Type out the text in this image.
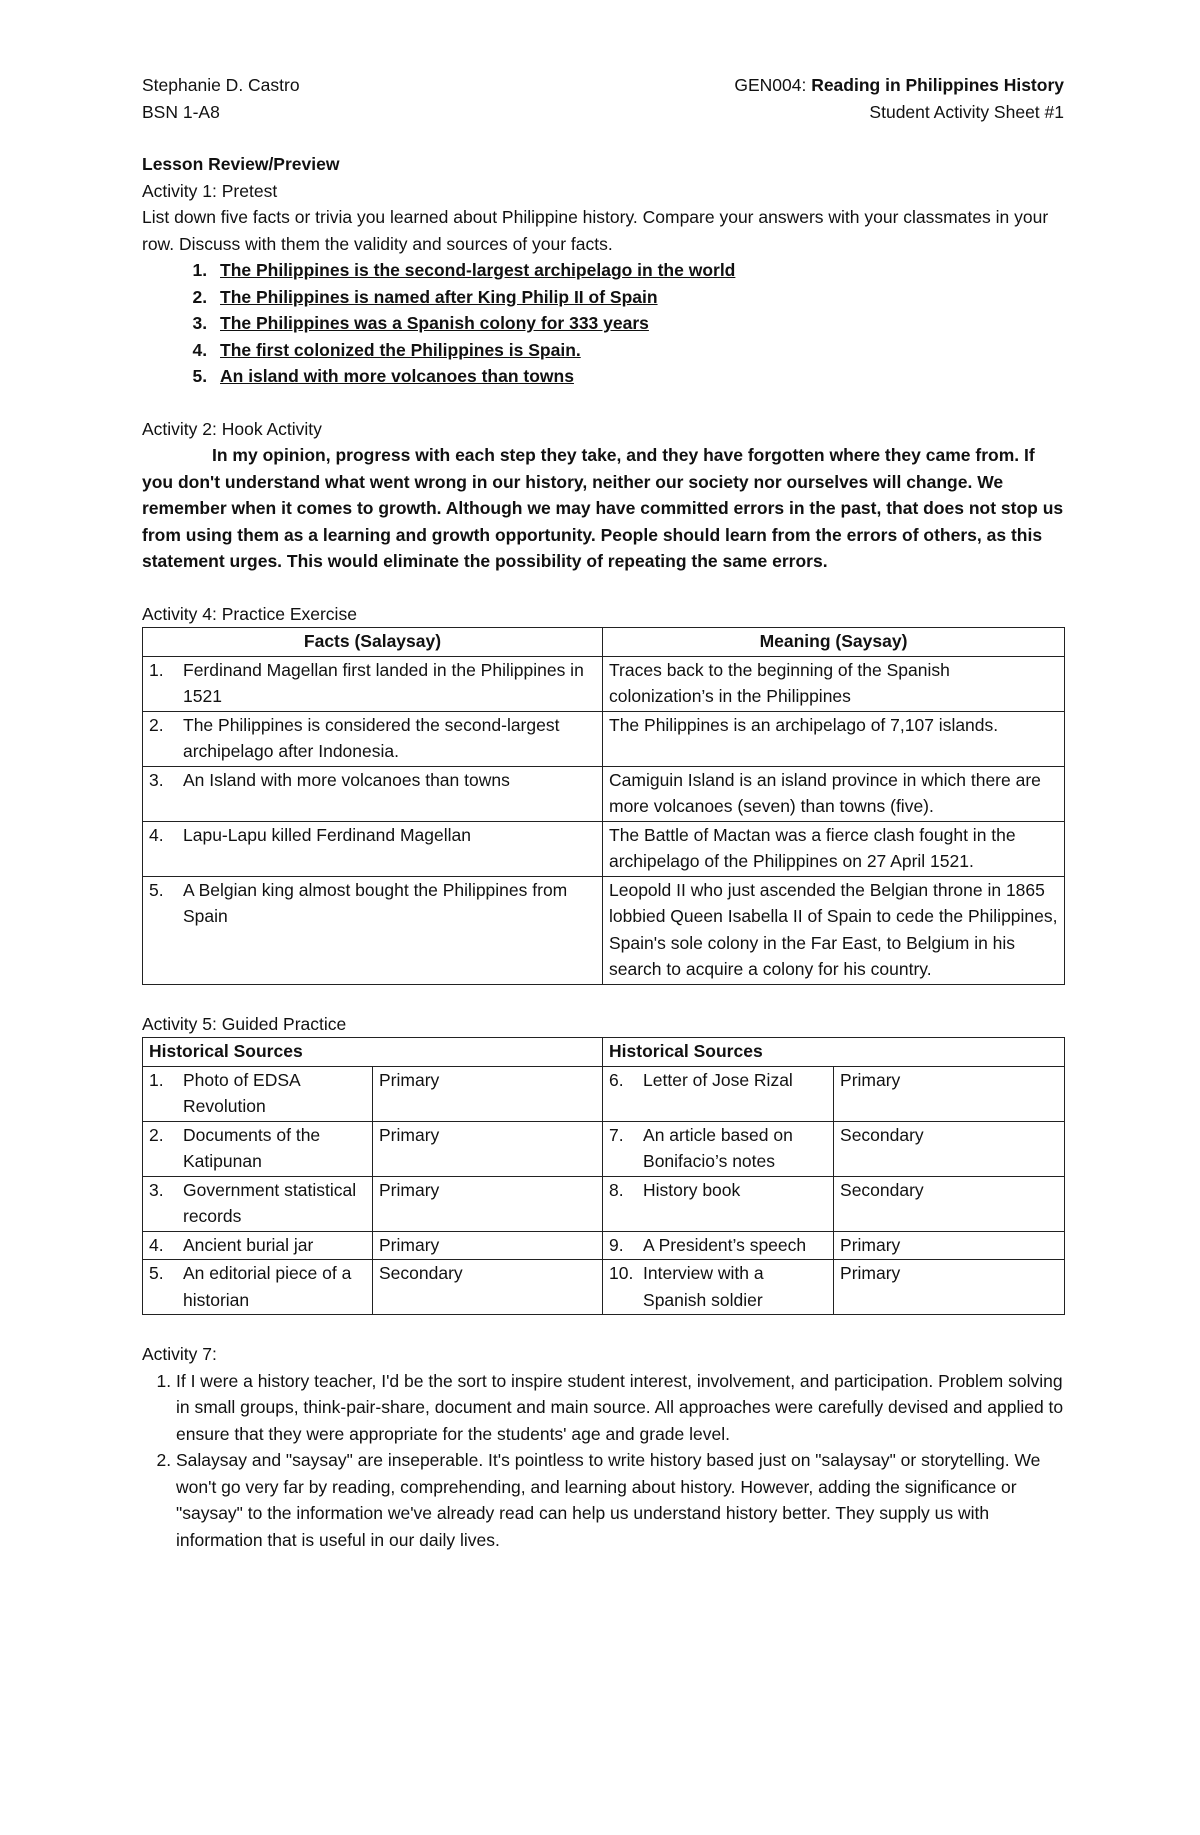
Stephanie D. Castro
BSN 1-A8
GEN004: Reading in Philippines History
Student Activity Sheet #1
Lesson Review/Preview
Activity 1: Pretest
List down five facts or trivia you learned about Philippine history. Compare your answers with your classmates in your row. Discuss with them the validity and sources of your facts.
1. The Philippines is the second-largest archipelago in the world
2. The Philippines is named after King Philip II of Spain
3. The Philippines was a Spanish colony for 333 years
4. The first colonized the Philippines is Spain.
5. An island with more volcanoes than towns
Activity 2: Hook Activity

In my opinion, progress with each step they take, and they have forgotten where they came from. If you don't understand what went wrong in our history, neither our society nor ourselves will change. We remember when it comes to growth. Although we may have committed errors in the past, that does not stop us from using them as a learning and growth opportunity. People should learn from the errors of others, as this statement urges. This would eliminate the possibility of repeating the same errors.

Activity 4: Practice Exercise
Facts (Salaysay)	Meaning (Saysay)

1. Ferdinand Magellan first landed in the Philippines in 1521	Traces back to the beginning of the Spanish colonization’s in the Philippines

2. The Philippines is considered the second-largest archipelago after Indonesia.	The Philippines is an archipelago of 7,107 islands.

3. An Island with more volcanoes than towns	Camiguin Island is an island province in which there are more volcanoes (seven) than towns (five).

4. Lapu-Lapu killed Ferdinand Magellan	The Battle of Mactan was a fierce clash fought in the archipelago of the Philippines on 27 April 1521.

5. A Belgian king almost bought the Philippines from Spain	Leopold II who just ascended the Belgian throne in 1865 lobbied Queen Isabella II of Spain to cede the Philippines, Spain's sole colony in the Far East, to Belgium in his search to acquire a colony for his country.
Activity 5: Guided Practice
Historical Sources		Historical Sources	

1. Photo of EDSA Revolution	Primary	6. Letter of Jose Rizal	Primary

2. Documents of the Katipunan	Primary	7. An article based on Bonifacio’s notes	Secondary

3. Government statistical records	Primary	8. History book	Secondary

4. Ancient burial jar	Primary	9. A President’s speech	Primary

5. An editorial piece of a historian	Secondary	10. Interview with a Spanish soldier	Primary
Activity 7:
1. If I were a history teacher, I'd be the sort to inspire student interest, involvement, and participation. Problem solving in small groups, think-pair-share, document and main source. All approaches were carefully devised and applied to ensure that they were appropriate for the students' age and grade level.
2. Salaysay and "saysay" are inseperable. It's pointless to write history based just on "salaysay" or storytelling. We won't go very far by reading, comprehending, and learning about history. However, adding the significance or "saysay" to the information we've already read can help us understand history better. They supply us with information that is useful in our daily lives.
